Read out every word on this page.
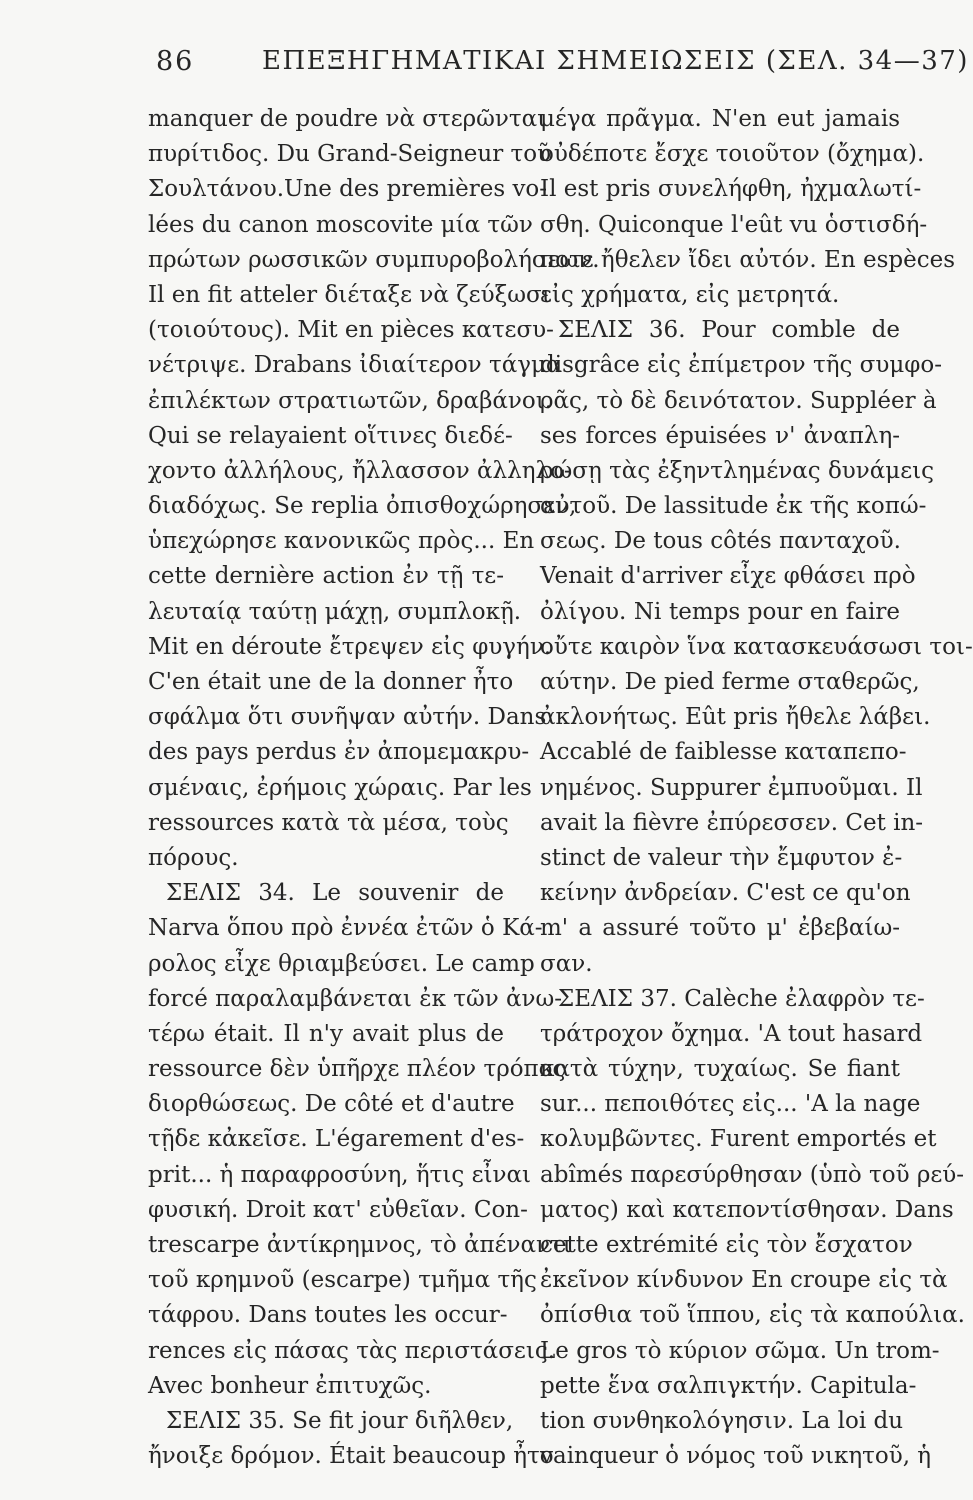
86	ΕΠΕΞΗΓΗΜΑΤΙΚΑΙ ΣΗΜΕΙΩΣΕΙΣ (ΣΕΛ. 34—37)
manquer de poudre νὰ στερῶνται
πυρίτιδος. Du Grand-Seigneur τοῦ
Σουλτάνου.Une des premières vo-
lées du canon moscovite μία τῶν
πρώτων ρωσσικῶν συμπυροβολήσεων.
Il en fit atteler διέταξε νὰ ζεύξωσι
(τοιούτους). Mit en pièces κατεσυ-
νέτριψε. Drabans ἰδιαίτερον τάγμα
ἐπιλέκτων στρατιωτῶν, δραβάνοι.
Qui se relayaient οἵτινες διεδέ-
χοντο ἀλλήλους, ἤλλασσον ἀλληλο-
διαδόχως. Se replia ὀπισθοχώρησεν,
ὑπεχώρησε κανονικῶς πρὸς... En
cette dernière action ἐν τῇ τε-
λευταίᾳ ταύτῃ μάχῃ, συμπλοκῇ.
Mit en déroute ἔτρεψεν εἰς φυγήν.
C'en était une de la donner ἦτο
σφάλμα ὅτι συνῆψαν αὐτήν. Dans
des pays perdus ἐν ἀπομεμακρυ-
σμέναις, ἐρήμοις χώραις. Par les
ressources κατὰ τὰ μέσα, τοὺς
πόρους.
ΣΕΛΙΣ 34. Le souvenir de
Narva ὅπου πρὸ ἐννέα ἐτῶν ὁ Κά-
ρολος εἶχε θριαμβεύσει. Le camp
forcé παραλαμβάνεται ἐκ τῶν ἀνω-
τέρω était. Il n'y avait plus de
ressource δὲν ὑπῆρχε πλέον τρόπος
διορθώσεως. De côté et d'autre
τῇδε κἀκεῖσε. L'égarement d'es-
prit... ἡ παραφροσύνη, ἥτις εἶναι
φυσική. Droit κατ' εὐθεῖαν. Con-
trescarpe ἀντίκρημνος, τὸ ἀπέναντι
τοῦ κρημνοῦ (escarpe) τμῆμα τῆς
τάφρου. Dans toutes les occur-
rences εἰς πάσας τὰς περιστάσεις.
Avec bonheur ἐπιτυχῶς.
ΣΕΛΙΣ 35. Se fit jour διῆλθεν,
ἤνοιξε δρόμον. Était beaucoup ἦτο
μέγα πρᾶγμα. N'en eut jamais
οὐδέποτε ἔσχε τοιοῦτον (ὄχημα).
Il est pris συνελήφθη, ἠχμαλωτί-
σθη. Quiconque l'eût vu ὁστισδή-
ποτε ἤθελεν ἴδει αὐτόν. En espèces
εἰς χρήματα, εἰς μετρητά.
ΣΕΛΙΣ 36. Pour comble de
disgrâce εἰς ἐπίμετρον τῆς συμφο-
ρᾶς, τὸ δὲ δεινότατον. Suppléer à
ses forces épuisées ν' ἀναπλη-
ρώσῃ τὰς ἐξηντλημένας δυνάμεις
αὐτοῦ. De lassitude ἐκ τῆς κοπώ-
σεως. De tous côtés πανταχοῦ.
Venait d'arriver εἶχε φθάσει πρὸ
ὀλίγου. Ni temps pour en faire
οὔτε καιρὸν ἵνα κατασκευάσωσι τοι-
αύτην. De pied ferme σταθερῶς,
ἀκλονήτως. Eût pris ἤθελε λάβει.
Accablé de faiblesse καταπεπο-
νημένος. Suppurer ἐμπυοῦμαι. Il
avait la fièvre ἐπύρεσσεν. Cet in-
stinct de valeur τὴν ἔμφυτον ἐ-
κείνην ἀνδρείαν. C'est ce qu'on
m' a assuré τοῦτο μ' ἐβεβαίω-
σαν.
ΣΕΛΙΣ 37. Calèche ἐλαφρὸν τε-
τράτροχον ὄχημα. 'A tout hasard
κατὰ τύχην, τυχαίως. Se fiant
sur... πεποιθότες εἰς... 'A la nage
κολυμβῶντες. Furent emportés et
abîmés παρεσύρθησαν (ὑπὸ τοῦ ρεύ-
ματος) καὶ κατεποντίσθησαν. Dans
cette extrémité εἰς τὸν ἔσχατον
ἐκεῖνον κίνδυνον En croupe εἰς τὰ
ὀπίσθια τοῦ ἵππου, εἰς τὰ καπούλια.
Le gros τὸ κύριον σῶμα. Un trom-
pette ἕνα σαλπιγκτήν. Capitula-
tion συνθηκολόγησιν. La loi du
vainqueur ὁ νόμος τοῦ νικητοῦ, ἡ
